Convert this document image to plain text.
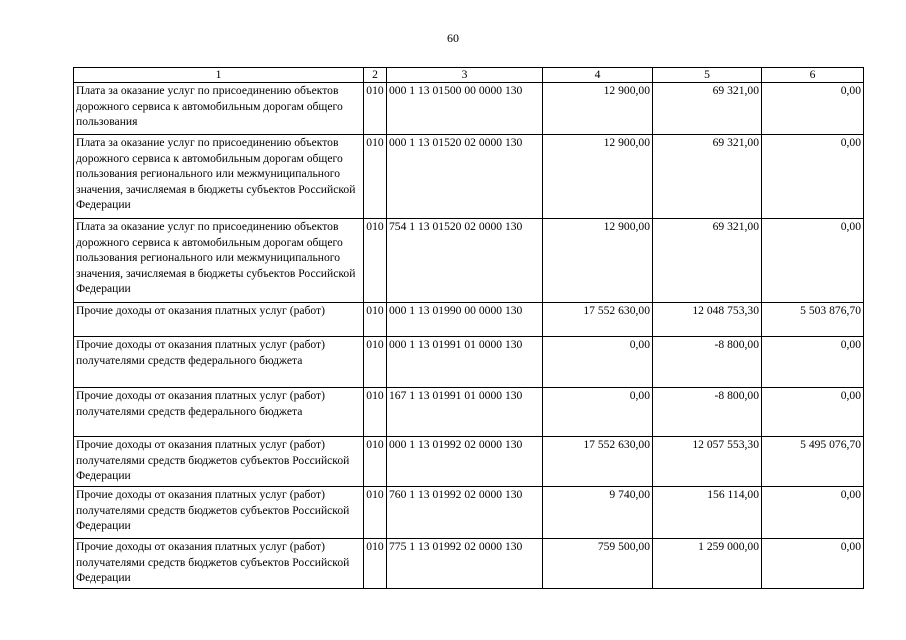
60
1	2	3	4	5	6
Плата за оказание услуг по присоединению объектов дорожного сервиса к автомобильным дорогам общего пользования	010	000 1 13 01500 00 0000 130	12 900,00	69 321,00	0,00
Плата за оказание услуг по присоединению объектов дорожного сервиса к автомобильным дорогам общего пользования регионального или межмуниципального значения, зачисляемая в бюджеты субъектов Российской Федерации	010	000 1 13 01520 02 0000 130	12 900,00	69 321,00	0,00
Плата за оказание услуг по присоединению объектов дорожного сервиса к автомобильным дорогам общего пользования регионального или межмуниципального значения, зачисляемая в бюджеты субъектов Российской Федерации	010	754 1 13 01520 02 0000 130	12 900,00	69 321,00	0,00
Прочие доходы от оказания платных услуг (работ)	010	000 1 13 01990 00 0000 130	17 552 630,00	12 048 753,30	5 503 876,70
Прочие доходы от оказания платных услуг (работ) получателями средств федерального бюджета	010	000 1 13 01991 01 0000 130	0,00	-8 800,00	0,00
Прочие доходы от оказания платных услуг (работ) получателями средств федерального бюджета	010	167 1 13 01991 01 0000 130	0,00	-8 800,00	0,00
Прочие доходы от оказания платных услуг (работ) получателями средств бюджетов субъектов Российской Федерации	010	000 1 13 01992 02 0000 130	17 552 630,00	12 057 553,30	5 495 076,70
Прочие доходы от оказания платных услуг (работ) получателями средств бюджетов субъектов Российской Федерации	010	760 1 13 01992 02 0000 130	9 740,00	156 114,00	0,00
Прочие доходы от оказания платных услуг (работ) получателями средств бюджетов субъектов Российской Федерации	010	775 1 13 01992 02 0000 130	759 500,00	1 259 000,00	0,00
